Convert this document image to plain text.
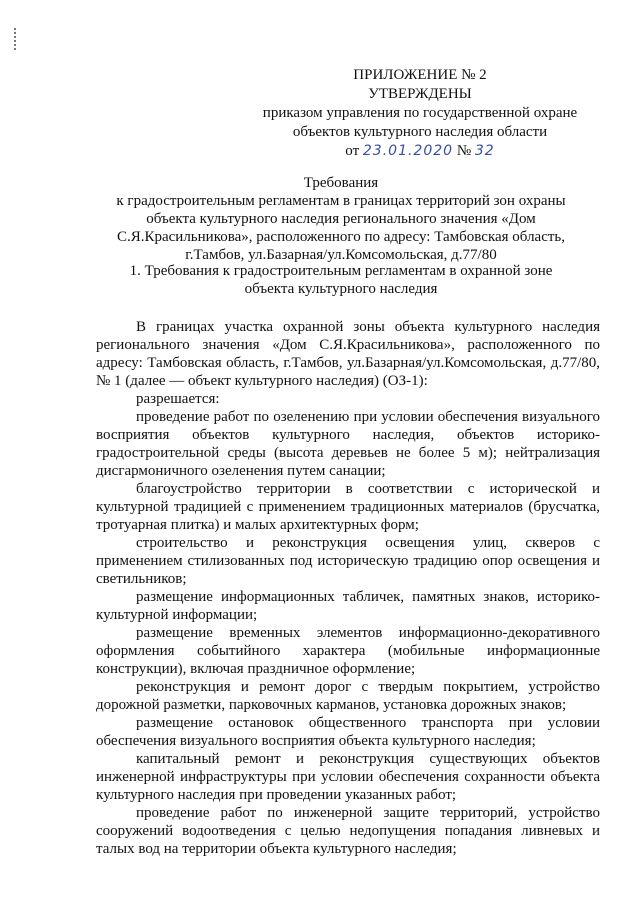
ПРИЛОЖЕНИЕ № 2
УТВЕРЖДЕНЫ
приказом управления по государственной охране
объектов культурного наследия области
от 23.01.2020 № 32
Требования
к градостроительным регламентам в границах территорий зон охраны
объекта культурного наследия регионального значения «Дом
С.Я.Красильникова», расположенного по адресу: Тамбовская область,
г.Тамбов, ул.Базарная/ул.Комсомольская, д.77/80
1. Требования к градостроительным регламентам в охранной зоне
объекта культурного наследия

В границах участка охранной зоны объекта культурного наследия регионального значения «Дом С.Я.Красильникова», расположенного по адресу: Тамбовская область, г.Тамбов, ул.Базарная/ул.Комсомольская, д.77/80, № 1 (далее — объект культурного наследия) (ОЗ-1):

разрешается:

проведение работ по озеленению при условии обеспечения визуального восприятия объектов культурного наследия, объектов историко-градостроительной среды (высота деревьев не более 5 м); нейтрализация дисгармоничного озеленения путем санации;

благоустройство территории в соответствии с исторической и культурной традицией с применением традиционных материалов (брусчатка, тротуарная плитка) и малых архитектурных форм;

строительство и реконструкция освещения улиц, скверов с применением стилизованных под историческую традицию опор освещения и светильников;

размещение информационных табличек, памятных знаков, историко-культурной информации;

размещение временных элементов информационно-декоративного оформления событийного характера (мобильные информационные конструкции), включая праздничное оформление;

реконструкция и ремонт дорог с твердым покрытием, устройство дорожной разметки, парковочных карманов, установка дорожных знаков;

размещение остановок общественного транспорта при условии обеспечения визуального восприятия объекта культурного наследия;

капитальный ремонт и реконструкция существующих объектов инженерной инфраструктуры при условии обеспечения сохранности объекта культурного наследия при проведении указанных работ;

проведение работ по инженерной защите территорий, устройство сооружений водоотведения с целью недопущения попадания ливневых и талых вод на территории объекта культурного наследия;
